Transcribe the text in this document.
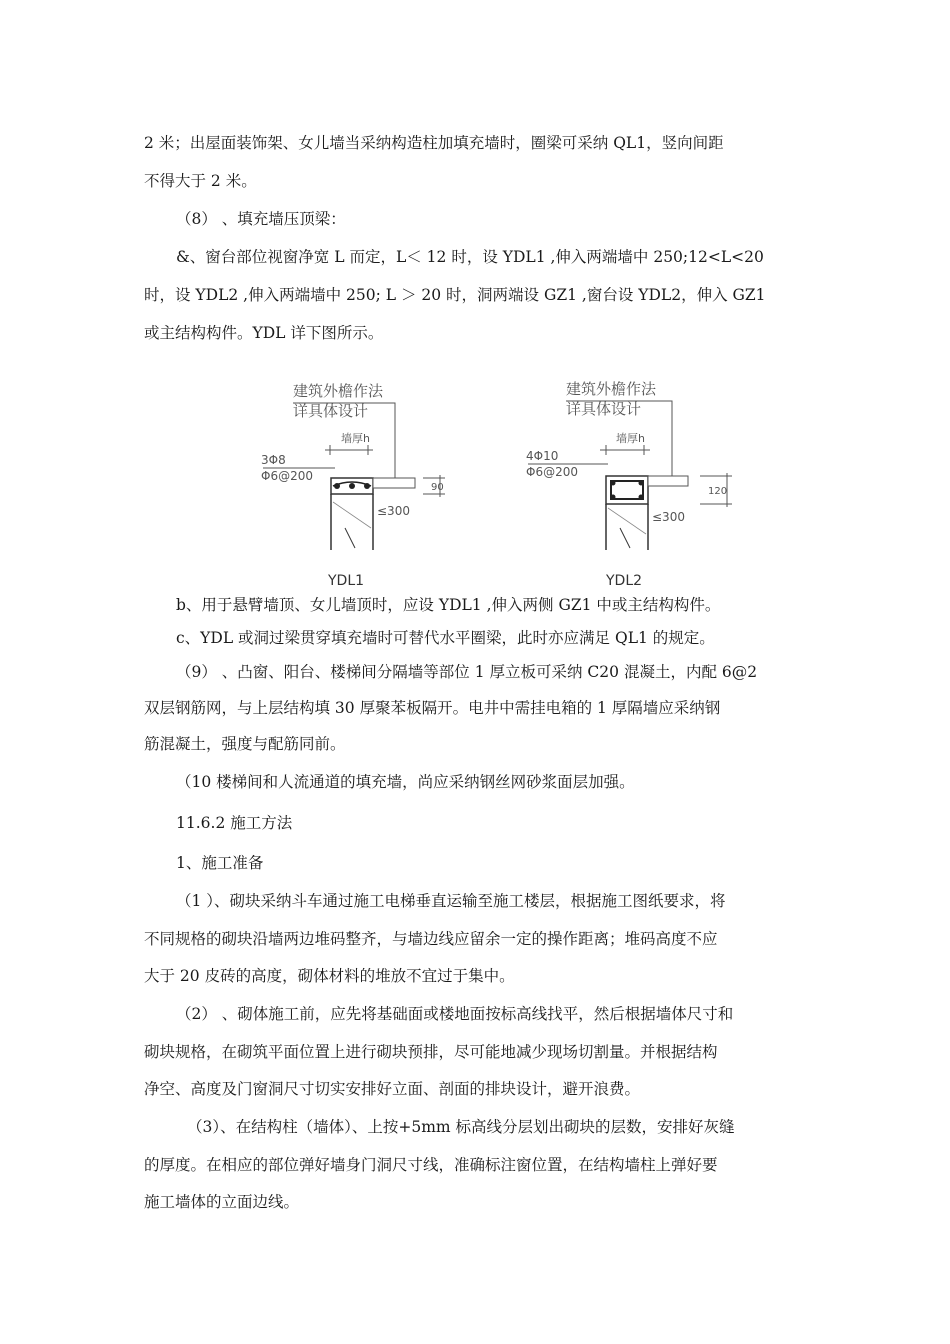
2 米；出屋面装饰架、女儿墙当采纳构造柱加填充墙时，圈梁可采纳 QL1，竖向间距
不得大于 2 米。
（8） 、填充墙压顶梁：
&、窗台部位视窗净宽 L 而定，L＜ 12 时，设 YDL1 ,伸入两端墙中 250;12<L<20
时，设 YDL2 ,伸入两端墙中 250; L ＞ 20 时，洞两端设 GZ1 ,窗台设 YDL2，伸入 GZ1
或主结构构件。YDL 详下图所示。
建筑外檐作法
详具体设计
墙厚h
3Φ8
Φ6@200
90
≤300
YDL1
建筑外檐作法
详具体设计
墙厚h
4Φ10
Φ6@200
120
≤300
YDL2
b、用于悬臂墙顶、女儿墙顶时，应设 YDL1 ,伸入两侧 GZ1 中或主结构构件。
c、YDL 或洞过梁贯穿填充墙时可替代水平圈梁，此时亦应满足 QL1 的规定。
（9） 、凸窗、阳台、楼梯间分隔墙等部位 1 厚立板可采纳 C20 混凝土，内配 6@2
双层钢筋网，与上层结构填 30 厚聚苯板隔开。电井中需挂电箱的 1 厚隔墙应采纳钢
筋混凝土，强度与配筋同前。
（10 楼梯间和人流通道的填充墙，尚应采纳钢丝网砂浆面层加强。
11.6.2 施工方法
1、施工准备
（1 ）、砌块采纳斗车通过施工电梯垂直运输至施工楼层，根据施工图纸要求，将
不同规格的砌块沿墙两边堆码整齐，与墙边线应留余一定的操作距离；堆码高度不应
大于 20 皮砖的高度，砌体材料的堆放不宜过于集中。
（2） 、砌体施工前，应先将基础面或楼地面按标高线找平，然后根据墙体尺寸和
砌块规格，在砌筑平面位置上进行砌块预排，尽可能地减少现场切割量。并根据结构
净空、高度及门窗洞尺寸切实安排好立面、剖面的排块设计，避开浪费。
（3）、在结构柱（墙体）、上按+5mm 标高线分层划出砌块的层数，安排好灰缝
的厚度。在相应的部位弹好墙身门洞尺寸线，准确标注窗位置，在结构墙柱上弹好要
施工墙体的立面边线。
